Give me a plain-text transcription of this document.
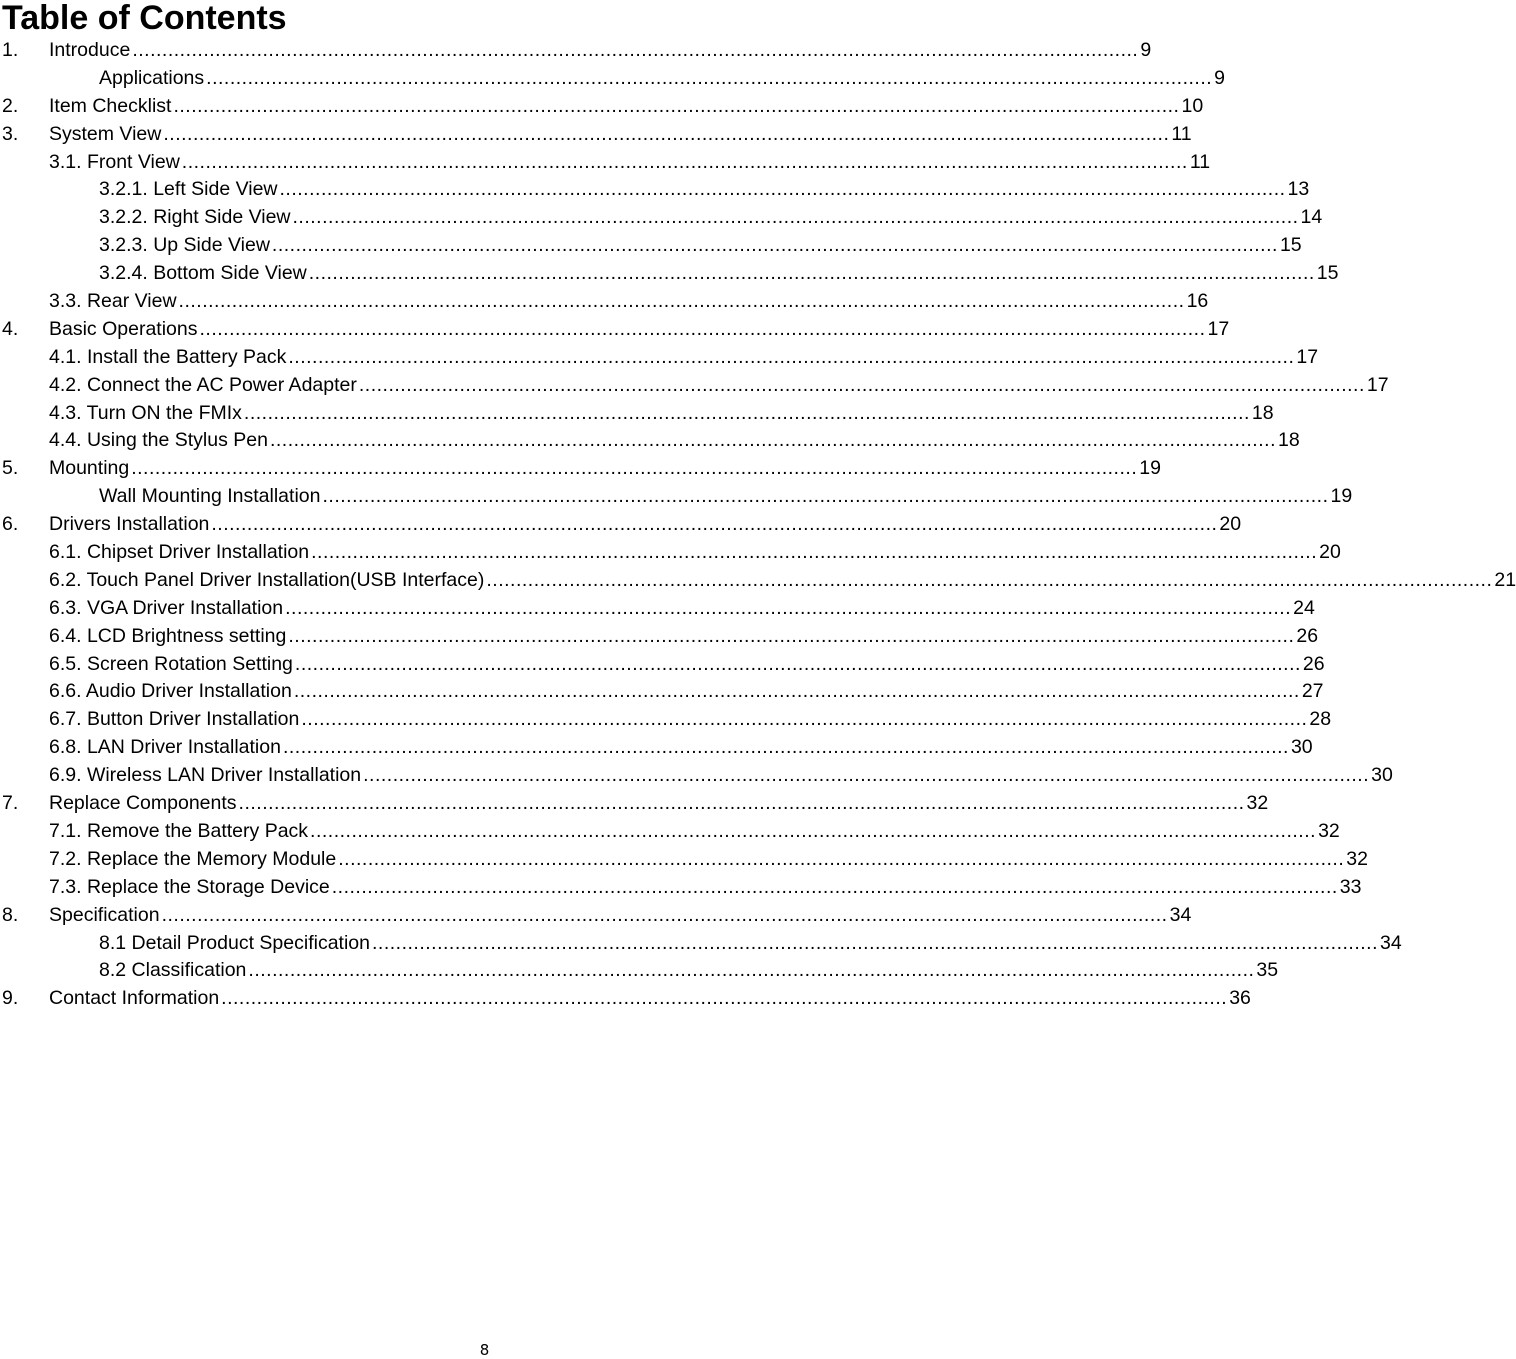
Table of Contents
1. Introduce .......................................................................................................................................................................... 9
Applications .......................................................................................................................................................................... 9
2. Item Checklist .......................................................................................................................................................................... 10
3. System View .......................................................................................................................................................................... 11
3.1. Front View .......................................................................................................................................................................... 11
3.2.1. Left Side View .......................................................................................................................................................................... 13
3.2.2. Right Side View .......................................................................................................................................................................... 14
3.2.3. Up Side View .......................................................................................................................................................................... 15
3.2.4. Bottom Side View .......................................................................................................................................................................... 15
3.3. Rear View .......................................................................................................................................................................... 16
4. Basic Operations .......................................................................................................................................................................... 17
4.1. Install the Battery Pack .......................................................................................................................................................................... 17
4.2. Connect the AC Power Adapter .......................................................................................................................................................................... 17
4.3. Turn ON the FMIx .......................................................................................................................................................................... 18
4.4. Using the Stylus Pen .......................................................................................................................................................................... 18
5. Mounting .......................................................................................................................................................................... 19
Wall Mounting Installation .......................................................................................................................................................................... 19
6. Drivers Installation .......................................................................................................................................................................... 20
6.1. Chipset Driver Installation .......................................................................................................................................................................... 20
6.2. Touch Panel Driver Installation(USB Interface) .......................................................................................................................................................................... 21
6.3. VGA Driver Installation .......................................................................................................................................................................... 24
6.4. LCD Brightness setting .......................................................................................................................................................................... 26
6.5. Screen Rotation Setting .......................................................................................................................................................................... 26
6.6. Audio Driver Installation .......................................................................................................................................................................... 27
6.7. Button Driver Installation .......................................................................................................................................................................... 28
6.8. LAN Driver Installation .......................................................................................................................................................................... 30
6.9. Wireless LAN Driver Installation .......................................................................................................................................................................... 30
7. Replace Components .......................................................................................................................................................................... 32
7.1. Remove the Battery Pack .......................................................................................................................................................................... 32
7.2. Replace the Memory Module .......................................................................................................................................................................... 32
7.3. Replace the Storage Device .......................................................................................................................................................................... 33
8. Specification .......................................................................................................................................................................... 34
8.1 Detail Product Specification .......................................................................................................................................................................... 34
8.2 Classification .......................................................................................................................................................................... 35
9. Contact Information .......................................................................................................................................................................... 36
8
